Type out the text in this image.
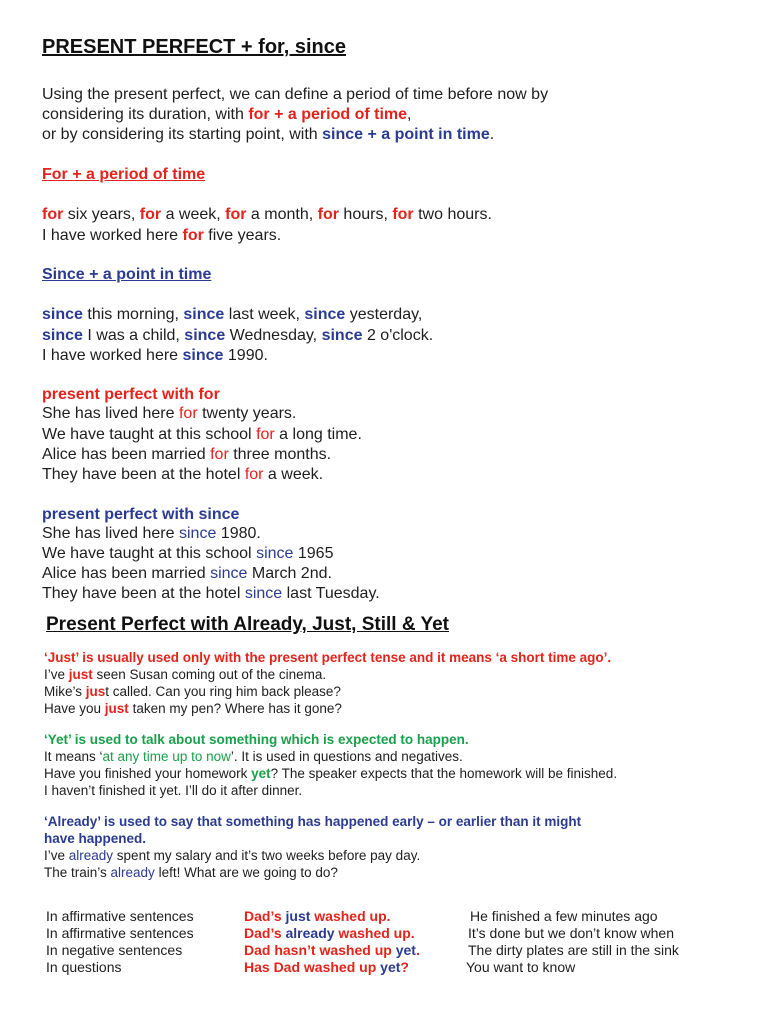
PRESENT PERFECT + for, since
Using the present perfect, we can define a period of time before now by
considering its duration, with for + a period of time,
or by considering its starting point, with since + a point in time.
For + a period of time
for six years, for a week, for a month, for hours, for two hours.
I have worked here for five years.
Since + a point in time
since this morning, since last week, since yesterday,
since I was a child, since Wednesday, since 2 o'clock.
I have worked here since 1990.
present perfect with for
She has lived here for twenty years.
We have taught at this school for a long time.
Alice has been married for three months.
They have been at the hotel for a week.
present perfect with since
She has lived here since 1980.
We have taught at this school since 1965
Alice has been married since March 2nd.
They have been at the hotel since last Tuesday.
Present Perfect with Already, Just, Still & Yet
‘Just’ is usually used only with the present perfect tense and it means ‘a short time ago’.
I’ve just seen Susan coming out of the cinema.
Mike’s just called. Can you ring him back please?
Have you just taken my pen? Where has it gone?
‘Yet’ is used to talk about something which is expected to happen.
It means ‘at any time up to now’. It is used in questions and negatives.
Have you finished your homework yet? The speaker expects that the homework will be finished.
I haven’t finished it yet. I’ll do it after dinner.
‘Already’ is used to say that something has happened early – or earlier than it might
have happened.
I’ve already spent my salary and it’s two weeks before pay day.
The train’s already left! What are we going to do?
In affirmative sentences	Dad’s just washed up.	He finished a few minutes ago
In affirmative sentences	Dad’s already washed up.	It’s done but we don’t know when
In negative sentences	Dad hasn’t washed up yet.	The dirty plates are still in the sink
In questions	Has Dad washed up yet?	You want to know
